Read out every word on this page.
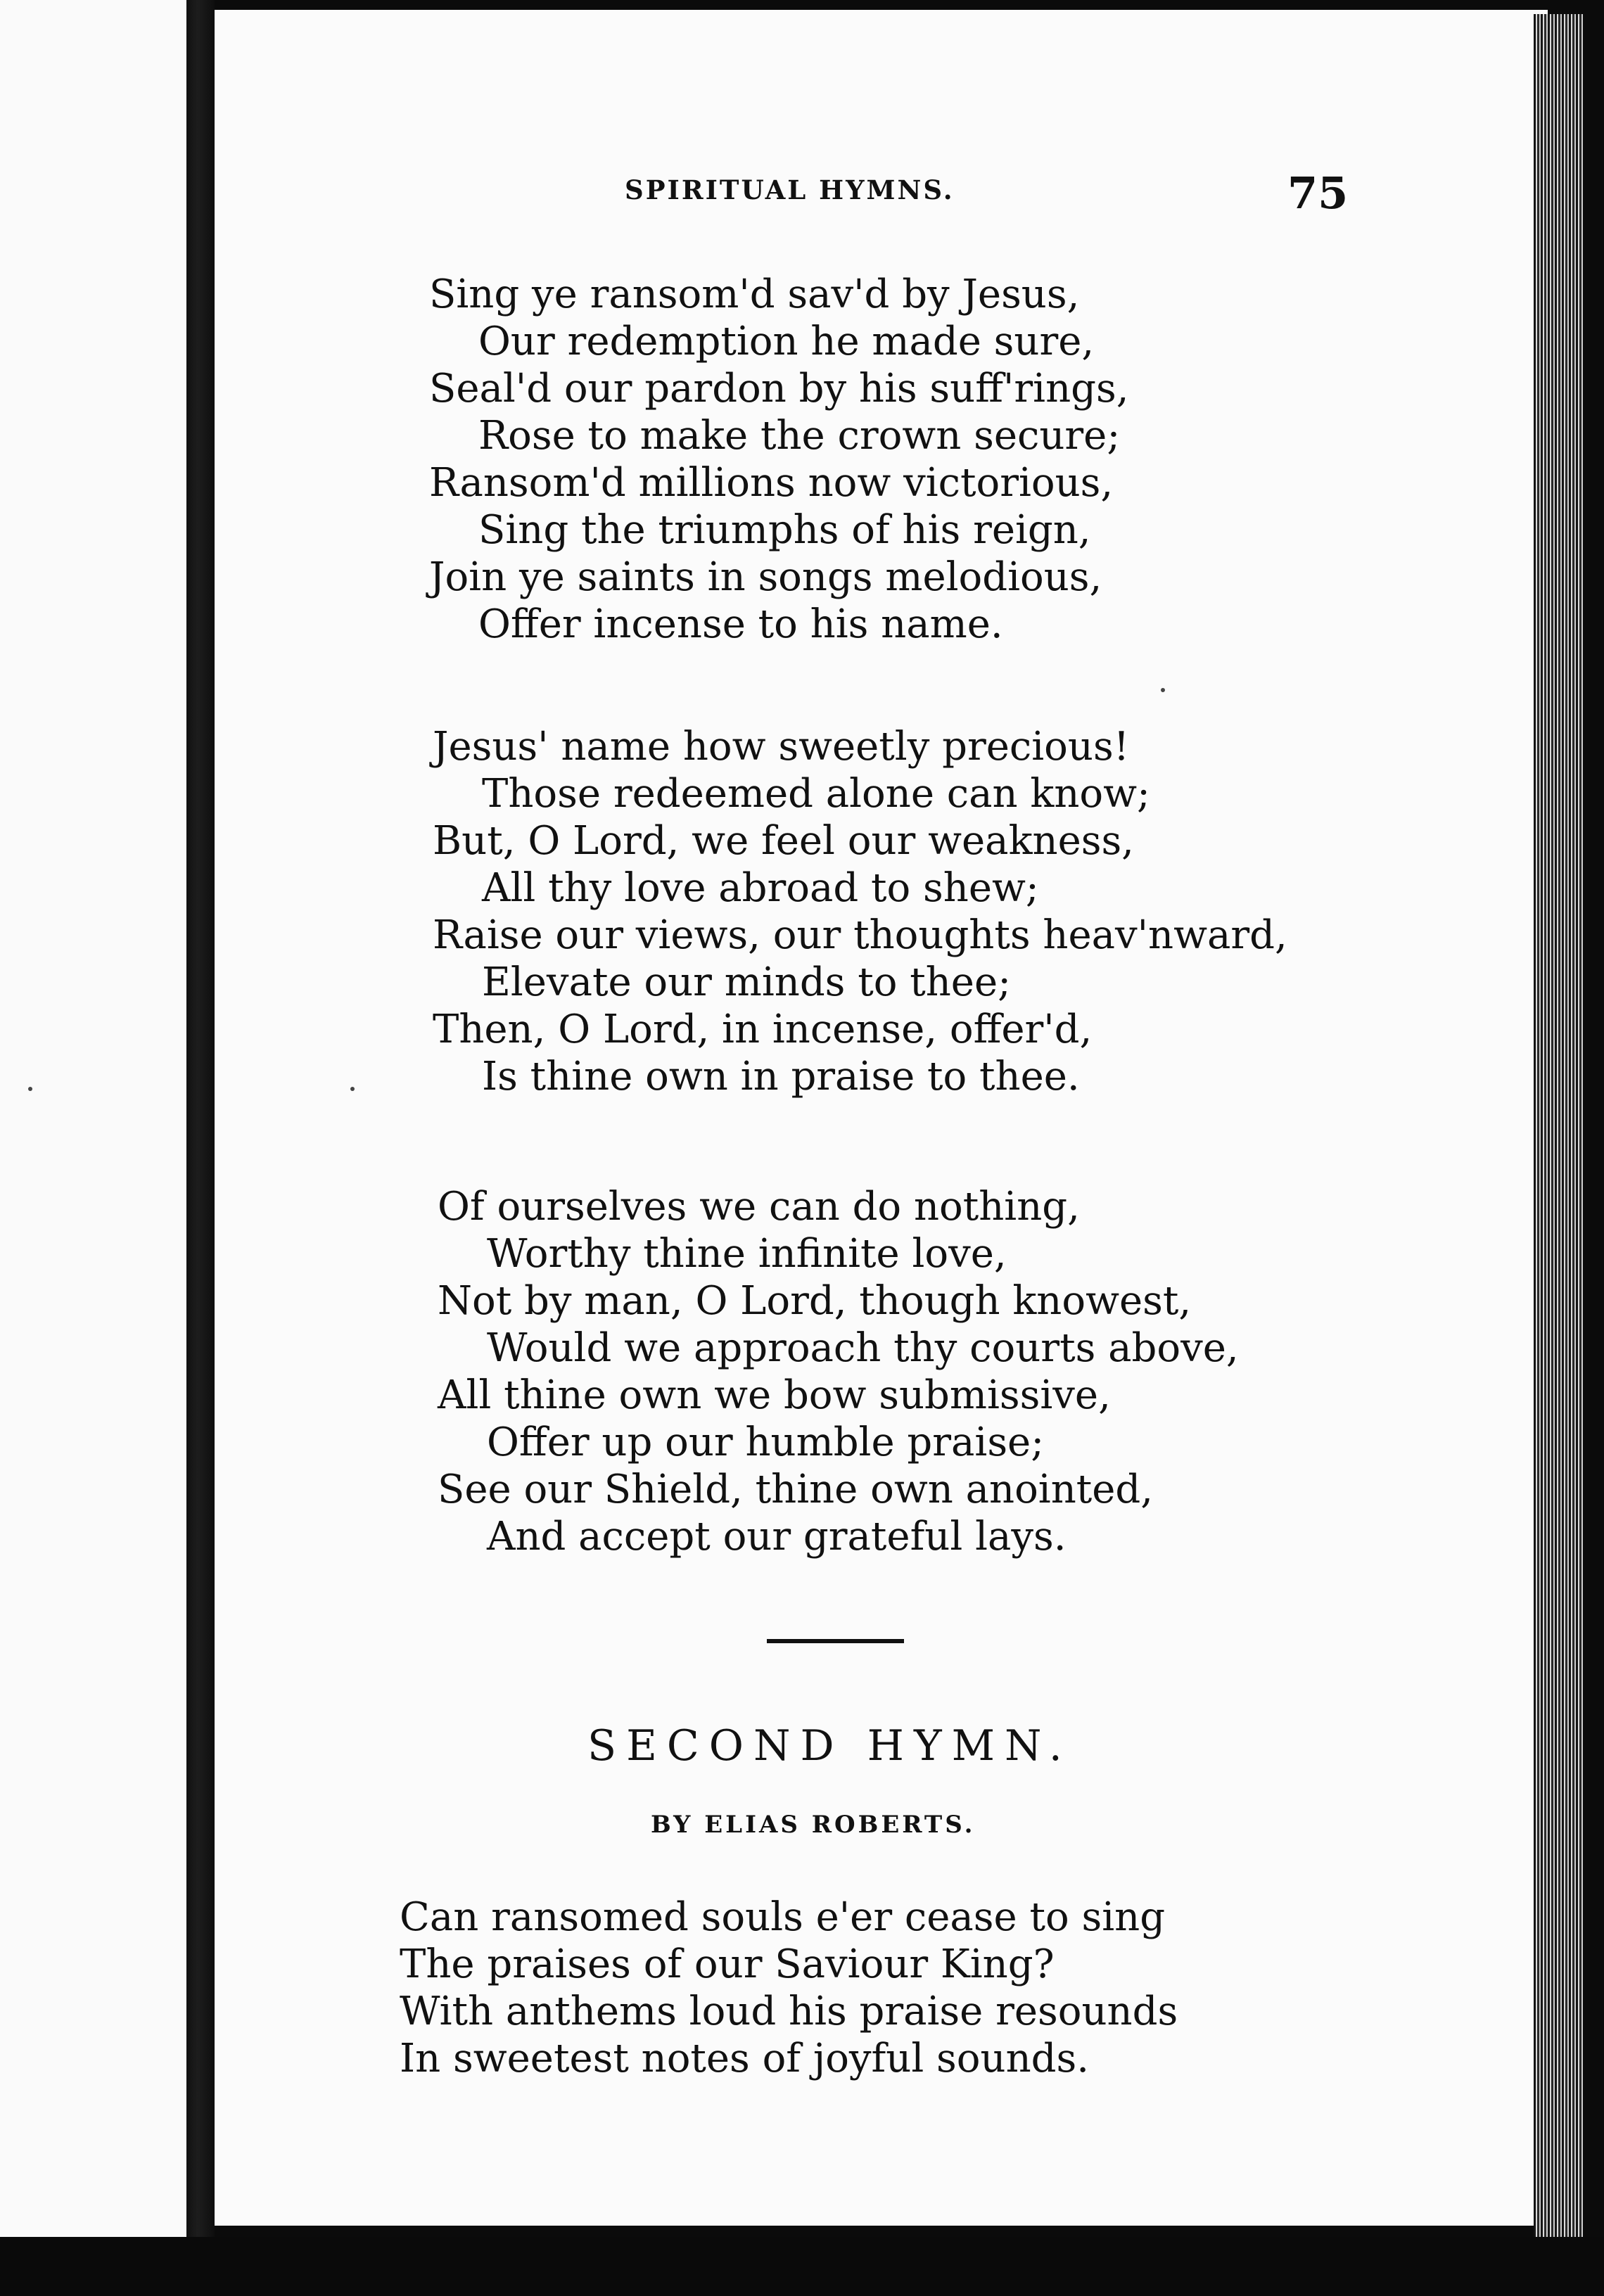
SPIRITUAL HYMNS.	75
Sing ye ransom'd sav'd by Jesus,
Our redemption he made sure,
Seal'd our pardon by his suff'rings,
Rose to make the crown secure;
Ransom'd millions now victorious,
Sing the triumphs of his reign,
Join ye saints in songs melodious,
Offer incense to his name.
Jesus' name how sweetly precious!
Those redeemed alone can know;
But, O Lord, we feel our weakness,
All thy love abroad to shew;
Raise our views, our thoughts heav'nward,
Elevate our minds to thee;
Then, O Lord, in incense, offer'd,
Is thine own in praise to thee.
Of ourselves we can do nothing,
Worthy thine infinite love,
Not by man, O Lord, though knowest,
Would we approach thy courts above,
All thine own we bow submissive,
Offer up our humble praise;
See our Shield, thine own anointed,
And accept our grateful lays.
SECOND HYMN.
BY ELIAS ROBERTS.
Can ransomed souls e'er cease to sing
The praises of our Saviour King?
With anthems loud his praise resounds
In sweetest notes of joyful sounds.
